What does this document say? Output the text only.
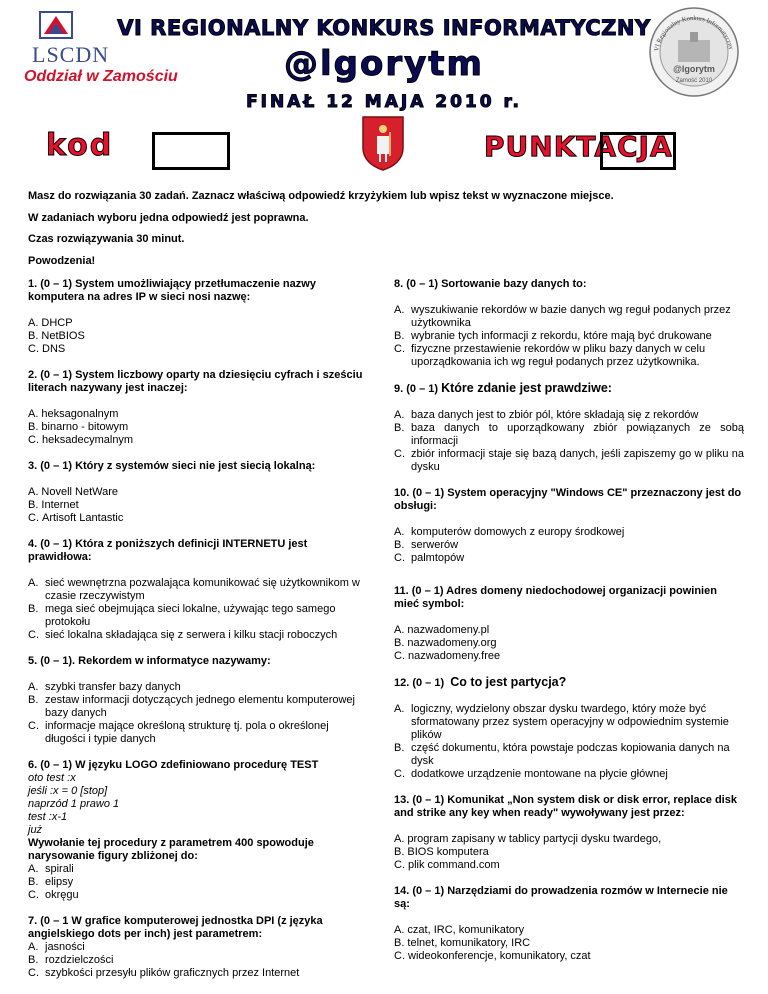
LSCDN
Oddział w Zamościu
VI REGIONALNY KONKURS INFORMATYCZNY
@lgorytm
FINAŁ 12 MAJA 2010 r.
VI Regionalny Konkurs Informatyczny
@lgorytm
Zamość 2010
kod	PUNKTACJA
Masz do rozwiązania 30 zadań. Zaznacz właściwą odpowiedź krzyżykiem lub wpisz tekst w wyznaczone miejsce.
W zadaniach wyboru jedna odpowiedź jest poprawna.
Czas rozwiązywania 30 minut.
Powodzenia!
1. (0 – 1) System umożliwiający przetłumaczenie nazwy komputera na adres IP w sieci nosi nazwę:
A. DHCP
B. NetBIOS
C. DNS
2. (0 – 1) System liczbowy oparty na dziesięciu cyfrach i sześciu literach nazywany jest inaczej:
A. heksagonalnym
B. binarno - bitowym
C. heksadecymalnym
3. (0 – 1) Który z systemów sieci nie jest siecią lokalną:
A. Novell NetWare
B. Internet
C. Artisoft Lantastic
4. (0 – 1) Która z poniższych definicji INTERNETU jest prawidłowa:
A. sieć wewnętrzna pozwalająca komunikować się użytkownikom w czasie rzeczywistym
B. mega sieć obejmująca sieci lokalne, używając tego samego protokołu
C. sieć lokalna składająca się z serwera i kilku stacji roboczych
5. (0 – 1). Rekordem w informatyce nazywamy:
A. szybki transfer bazy danych
B. zestaw informacji dotyczących jednego elementu komputerowej bazy danych
C. informacje mające określoną strukturę tj. pola o określonej długości i typie danych
6. (0 – 1) W języku LOGO zdefiniowano procedurę TEST
oto test :x
jeśli :x = 0 [stop]
naprzód 1 prawo 1
test :x-1
już
Wywołanie tej procedury z parametrem 400 spowoduje narysowanie figury zbliżonej do:
A. spirali
B. elipsy
C. okręgu
7. (0 – 1 W grafice komputerowej jednostka DPI (z języka angielskiego dots per inch) jest parametrem:
A. jasności
B. rozdzielczości
C. szybkości przesyłu plików graficznych przez Internet
8. (0 – 1) Sortowanie bazy danych to:
A. wyszukiwanie rekordów w bazie danych wg reguł podanych przez użytkownika
B. wybranie tych informacji z rekordu, które mają być drukowane
C. fizyczne przestawienie rekordów w pliku bazy danych w celu uporządkowania ich wg reguł podanych przez użytkownika.
9. (0 – 1) Które zdanie jest prawdziwe:
A. baza danych jest to zbiór pól, które składają się z rekordów
B. baza danych to uporządkowany zbiór powiązanych ze sobą informacji
C. zbiór informacji staje się bazą danych, jeśli zapiszemy go w pliku na dysku
10. (0 – 1) System operacyjny "Windows CE" przeznaczony jest do obsługi:
A. komputerów domowych z europy środkowej
B. serwerów
C. palmtopów
11. (0 – 1) Adres domeny niedochodowej organizacji powinien mieć symbol:
A. nazwadomeny.pl
B. nazwadomeny.org
C. nazwadomeny.free
12. (0 – 1) Co to jest partycja?
A. logiczny, wydzielony obszar dysku twardego, który może być sformatowany przez system operacyjny w odpowiednim systemie plików
B. część dokumentu, która powstaje podczas kopiowania danych na dysk
C. dodatkowe urządzenie montowane na płycie głównej
13. (0 – 1) Komunikat „Non system disk or disk error, replace disk and strike any key when ready" wywoływany jest przez:
A. program zapisany w tablicy partycji dysku twardego,
B. BIOS komputera
C. plik command.com
14. (0 – 1) Narzędziami do prowadzenia rozmów w Internecie nie są:
A. czat, IRC, komunikatory
B. telnet, komunikatory, IRC
C. wideokonferencje, komunikatory, czat
